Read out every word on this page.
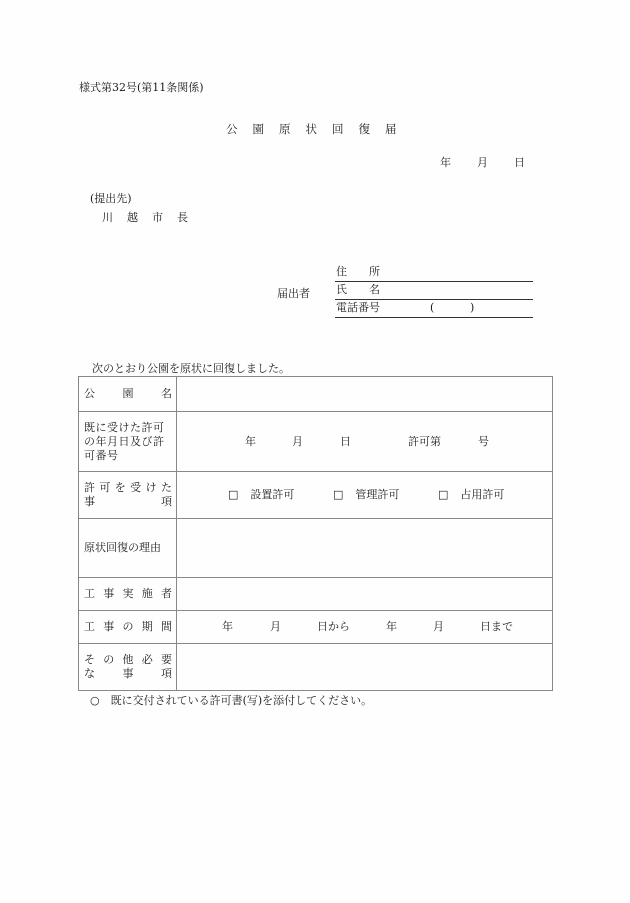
様式第32号(第11条関係)
公 園 原 状 回 復 届
年 月 日
(提出先)
川 越 市 長
届出者
住　　所
氏　　名
電話番号	(	)
次のとおり公園を原状に回復しました。
公 園 名	

既に受けた許可
の年月日及び許
可番号

年	月	日	許可第	号

許 可 を 受 け た
事	項

□ 設置許可	□ 管理許可	□ 占用許可

原状回復の理由	

工 事 実 施 者	

工 事 の 期 間	年	月	日から	年	月	日まで

そ の 他 必 要
な	事	項

○　既に交付されている許可書(写)を添付してください。
